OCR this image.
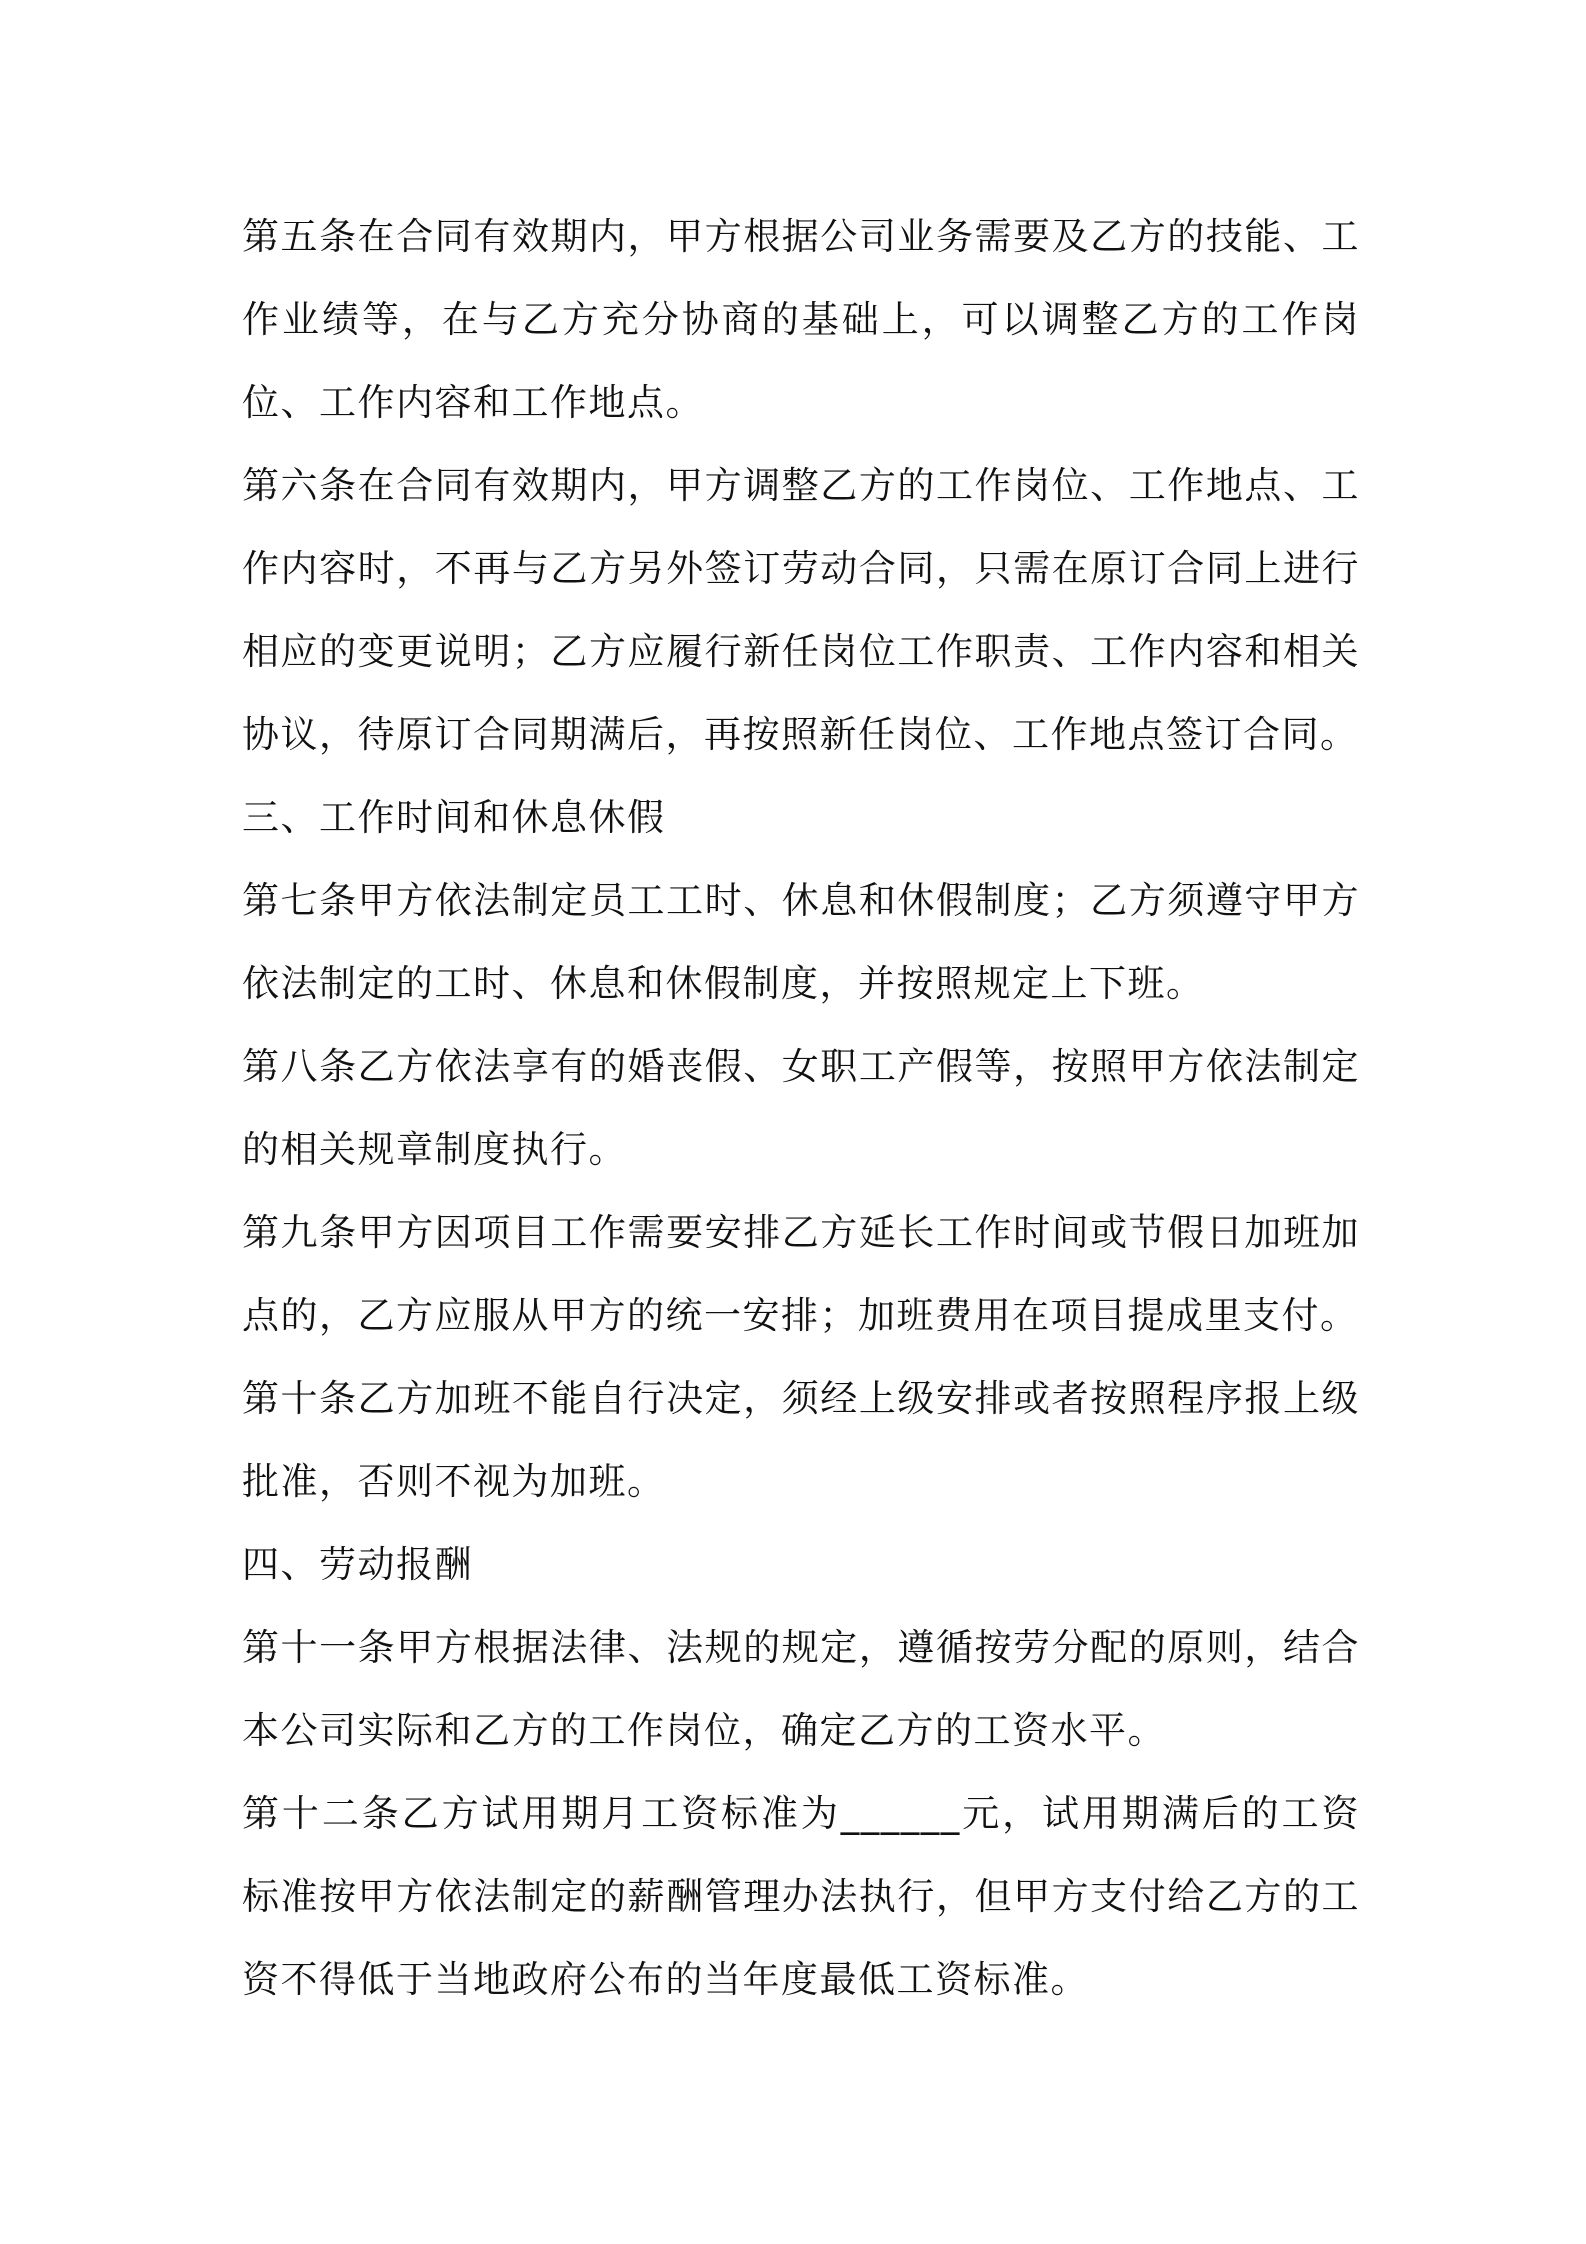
第五条在合同有效期内，甲方根据公司业务需要及乙方的技能、工作业绩等，在与乙方充分协商的基础上，可以调整乙方的工作岗位、工作内容和工作地点。

第六条在合同有效期内，甲方调整乙方的工作岗位、工作地点、工作内容时，不再与乙方另外签订劳动合同，只需在原订合同上进行相应的变更说明；乙方应履行新任岗位工作职责、工作内容和相关协议，待原订合同期满后，再按照新任岗位、工作地点签订合同。

三、工作时间和休息休假

第七条甲方依法制定员工工时、休息和休假制度；乙方须遵守甲方依法制定的工时、休息和休假制度，并按照规定上下班。

第八条乙方依法享有的婚丧假、女职工产假等，按照甲方依法制定的相关规章制度执行。

第九条甲方因项目工作需要安排乙方延长工作时间或节假日加班加点的，乙方应服从甲方的统一安排；加班费用在项目提成里支付。

第十条乙方加班不能自行决定，须经上级安排或者按照程序报上级批准，否则不视为加班。

四、劳动报酬

第十一条甲方根据法律、法规的规定，遵循按劳分配的原则，结合本公司实际和乙方的工作岗位，确定乙方的工资水平。

第十二条乙方试用期月工资标准为______元，试用期满后的工资标准按甲方依法制定的薪酬管理办法执行，但甲方支付给乙方的工资不得低于当地政府公布的当年度最低工资标准。
